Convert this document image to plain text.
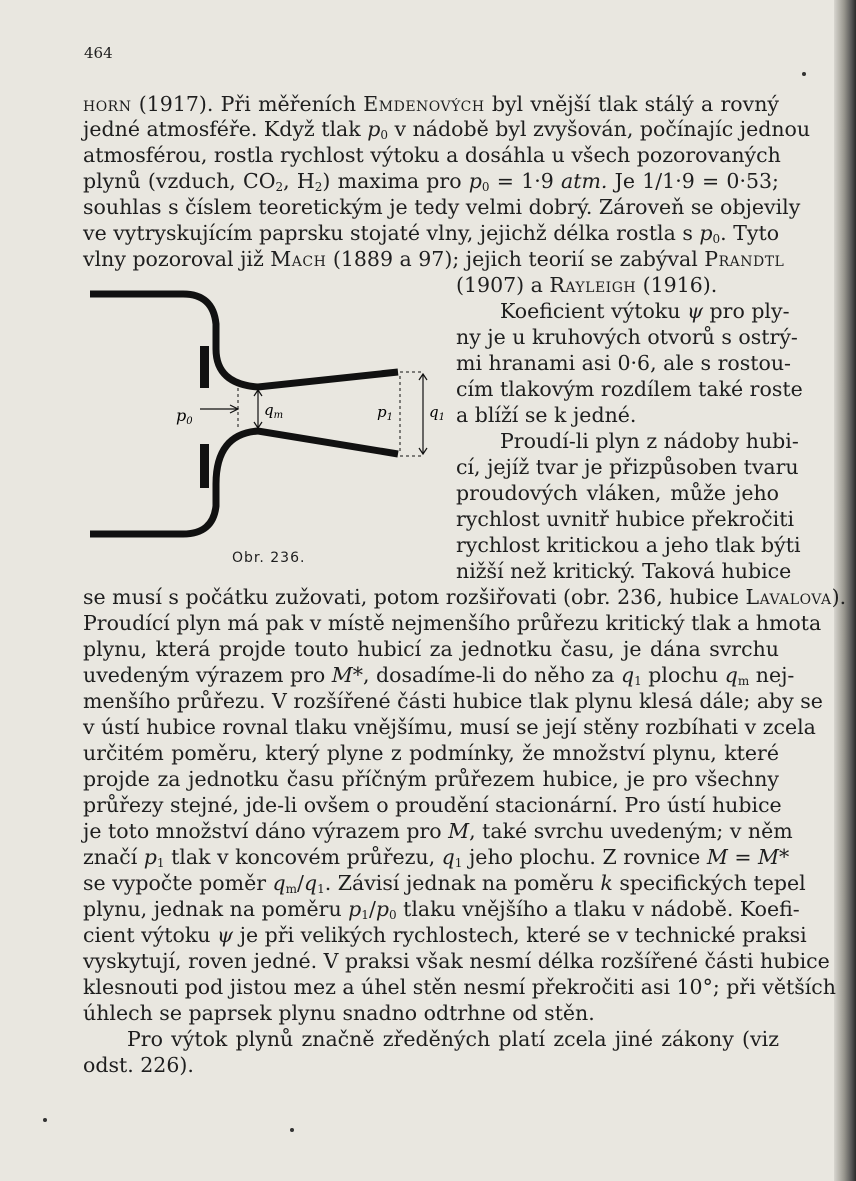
464
horn (1917). Při měřeních Emdenových byl vnější tlak stálý a rovný
jedné atmosféře. Když tlak $p_0$ v nádobě byl zvyšován, počínajíc jednou
atmosférou, rostla rychlost výtoku a dosáhla u všech pozorovaných
plynů (vzduch, $CO_2$, $H_2$) maxima pro $p_0 = 1\cdot 9$ atm. Je 1/1·9 = 0·53;
souhlas s číslem teoretickým je tedy velmi dobrý. Zároveň se objevily
ve vytryskujícím paprsku stojaté vlny, jejichž délka rostla s $p_0$. Tyto
vlny pozoroval již Mach (1889 a 97); jejich teorií se zabýval Prandtl
(1907) a Rayleigh (1916).
Koeficient výtoku ψ pro ply-
ny je u kruhových otvorů s ostrý-
mi hranami asi 0·6, ale s rostou-
cím tlakovým rozdílem také roste
a blíží se k jedné.
Proudí-li plyn z nádoby hubi-
cí, jejíž tvar je přizpůsoben tvaru
proudových vláken, může jeho
rychlost uvnitř hubice překročiti
rychlost kritickou a jeho tlak býti
nižší než kritický. Taková hubice
se musí s počátku zužovati, potom rozšiřovati (obr. 236, hubice Lavalova).
Proudící plyn má pak v místě nejmenšího průřezu kritický tlak a hmota
plynu, která projde touto hubicí za jednotku času, je dána svrchu
uvedeným výrazem pro M*, dosadíme-li do něho za $q_1$ plochu $q_m$ nej-
menšího průřezu. V rozšířené části hubice tlak plynu klesá dále; aby se
v ústí hubice rovnal tlaku vnějšímu, musí se její stěny rozbíhati v zcela
určitém poměru, který plyne z podmínky, že množství plynu, které
projde za jednotku času příčným průřezem hubice, je pro všechny
průřezy stejné, jde-li ovšem o proudění stacionární. Pro ústí hubice
je toto množství dáno výrazem pro M, také svrchu uvedeným; v něm
značí $p_1$ tlak v koncovém průřezu, $q_1$ jeho plochu. Z rovnice M = M*
se vypočte poměr $q_m/q_1$. Závisí jednak na poměru k specifických tepel
plynu, jednak na poměru $p_1/p_0$ tlaku vnějšího a tlaku v nádobě. Koefi-
cient výtoku ψ je při velikých rychlostech, které se v technické praksi
vyskytují, roven jedné. V praksi však nesmí délka rozšířené části hubice
klesnouti pod jistou mez a úhel stěn nesmí překročiti asi 10°; při větších
úhlech se paprsek plynu snadno odtrhne od stěn.
Pro výtok plynů značně zředěných platí zcela jiné zákony (viz
odst. 226).
p0
$q_m$	$p_1$ $q_1$
Obr. 236.
